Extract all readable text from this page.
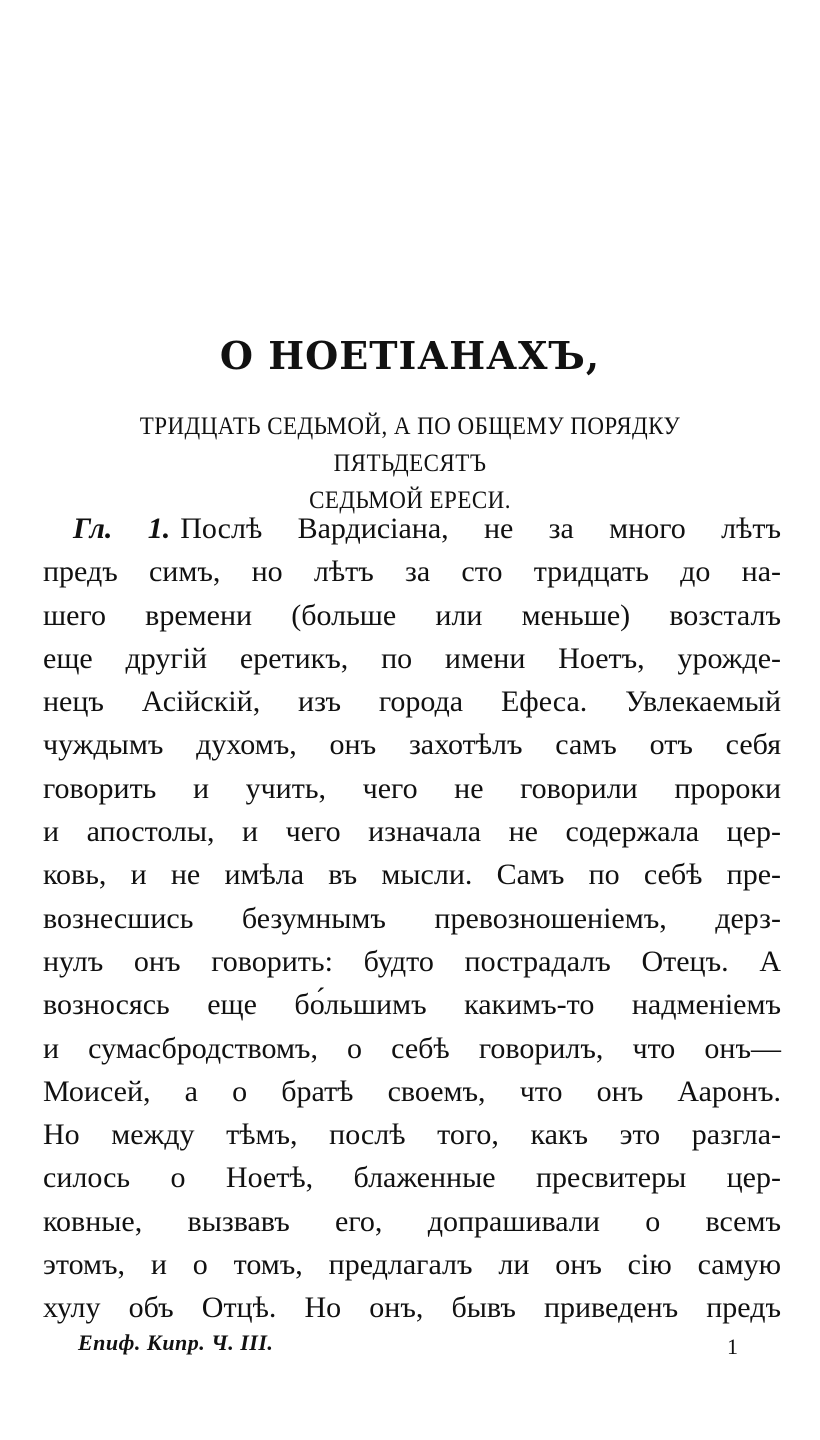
О НОЕТІАНАХЪ,
ТРИДЦАТЬ СЕДЬМОЙ, А ПО ОБЩЕМУ ПОРЯДКУ ПЯТЬДЕСЯТЪ
СЕДЬМОЙ ЕРЕСИ.
Гл. 1. Послѣ Вардисіана, не за много лѣтъ
предъ симъ, но лѣтъ за сто тридцать до на-
шего времени (больше или меньше) возсталъ
еще другій еретикъ, по имени Ноетъ, урожде-
нецъ Асійскій, изъ города Ефеса. Увлекаемый
чуждымъ духомъ, онъ захотѣлъ самъ отъ себя
говорить и учить, чего не говорили пророки
и апостолы, и чего изначала не содержала цер-
ковь, и не имѣла въ мысли. Самъ по себѣ пре-
вознесшись безумнымъ превозношеніемъ, дерз-
нулъ онъ говорить: будто пострадалъ Отецъ. А
возносясь еще бо́льшимъ какимъ-то надменіемъ
и сумасбродствомъ, о себѣ говорилъ, что онъ—
Моисей, а о братѣ своемъ, что онъ Ааронъ.
Но между тѣмъ, послѣ того, какъ это разгла-
силось о Ноетѣ, блаженные пресвитеры цер-
ковные, вызвавъ его, допрашивали о всемъ
этомъ, и о томъ, предлагалъ ли онъ сію самую
хулу объ Отцѣ. Но онъ, бывъ приведенъ предъ
Епиф. Кипр. Ч. III.	1
